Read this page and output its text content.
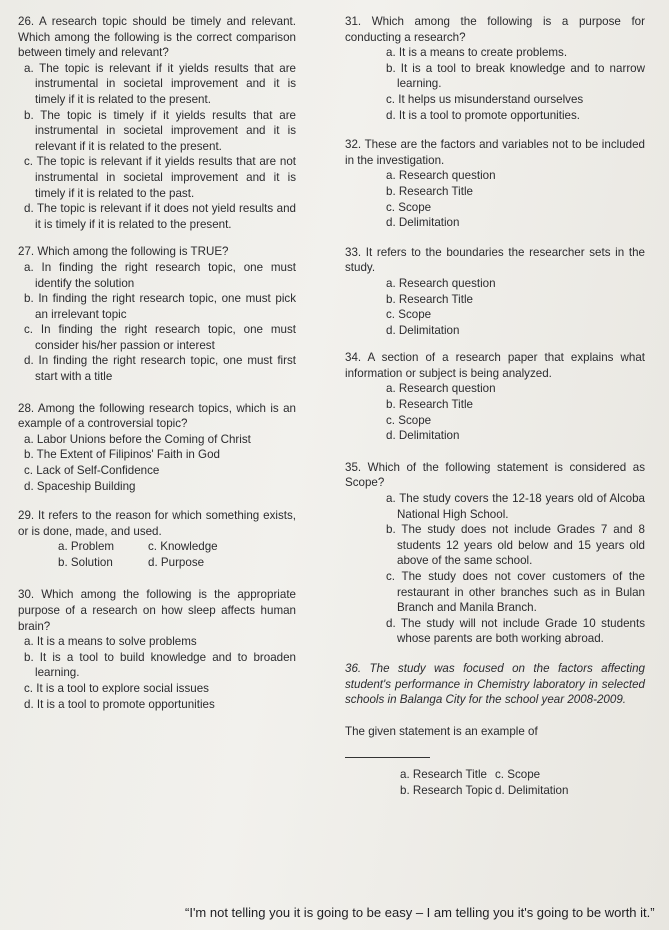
26. A research topic should be timely and relevant. Which among the following is the correct comparison between timely and relevant?
a. The topic is relevant if it yields results that are instrumental in societal improvement and it is timely if it is related to the present.
b. The topic is timely if it yields results that are instrumental in societal improvement and it is relevant if it is related to the present.
c. The topic is relevant if it yields results that are not instrumental in societal improvement and it is timely if it is related to the past.
d. The topic is relevant if it does not yield results and it is timely if it is related to the present.
27. Which among the following is TRUE?
a. In finding the right research topic, one must identify the solution
b. In finding the right research topic, one must pick an irrelevant topic
c. In finding the right research topic, one must consider his/her passion or interest
d. In finding the right research topic, one must first start with a title
28. Among the following research topics, which is an example of a controversial topic?
a. Labor Unions before the Coming of Christ
b. The Extent of Filipinos' Faith in God
c. Lack of Self-Confidence
d. Spaceship Building
29. It refers to the reason for which something exists, or is done, made, and used.
a. Problem	c. Knowledge
b. Solution	d. Purpose
30. Which among the following is the appropriate purpose of a research on how sleep affects human brain?
a. It is a means to solve problems
b. It is a tool to build knowledge and to broaden learning.
c. It is a tool to explore social issues
d. It is a tool to promote opportunities
31. Which among the following is a purpose for conducting a research?
a. It is a means to create problems.
b. It is a tool to break knowledge and to narrow learning.
c. It helps us misunderstand ourselves
d. It is a tool to promote opportunities.
32. These are the factors and variables not to be included in the investigation.
a. Research question
b. Research Title
c. Scope
d. Delimitation
33. It refers to the boundaries the researcher sets in the study.
a. Research question
b. Research Title
c. Scope
d. Delimitation
34. A section of a research paper that explains what information or subject is being analyzed.
a. Research question
b. Research Title
c. Scope
d. Delimitation
35. Which of the following statement is considered as Scope?
a. The study covers the 12-18 years old of Alcoba National High School.
b. The study does not include Grades 7 and 8 students 12 years old below and 15 years old above of the same school.
c. The study does not cover customers of the restaurant in other branches such as in Bulan Branch and Manila Branch.
d. The study will not include Grade 10 students whose parents are both working abroad.
36. The study was focused on the factors affecting student's performance in Chemistry laboratory in selected schools in Balanga City for the school year 2008-2009.
The given statement is an example of
a. Research Title c. Scope
b. Research Topic d. Delimitation
“I'm not telling you it is going to be easy – I am telling you it's going to be worth it.”
